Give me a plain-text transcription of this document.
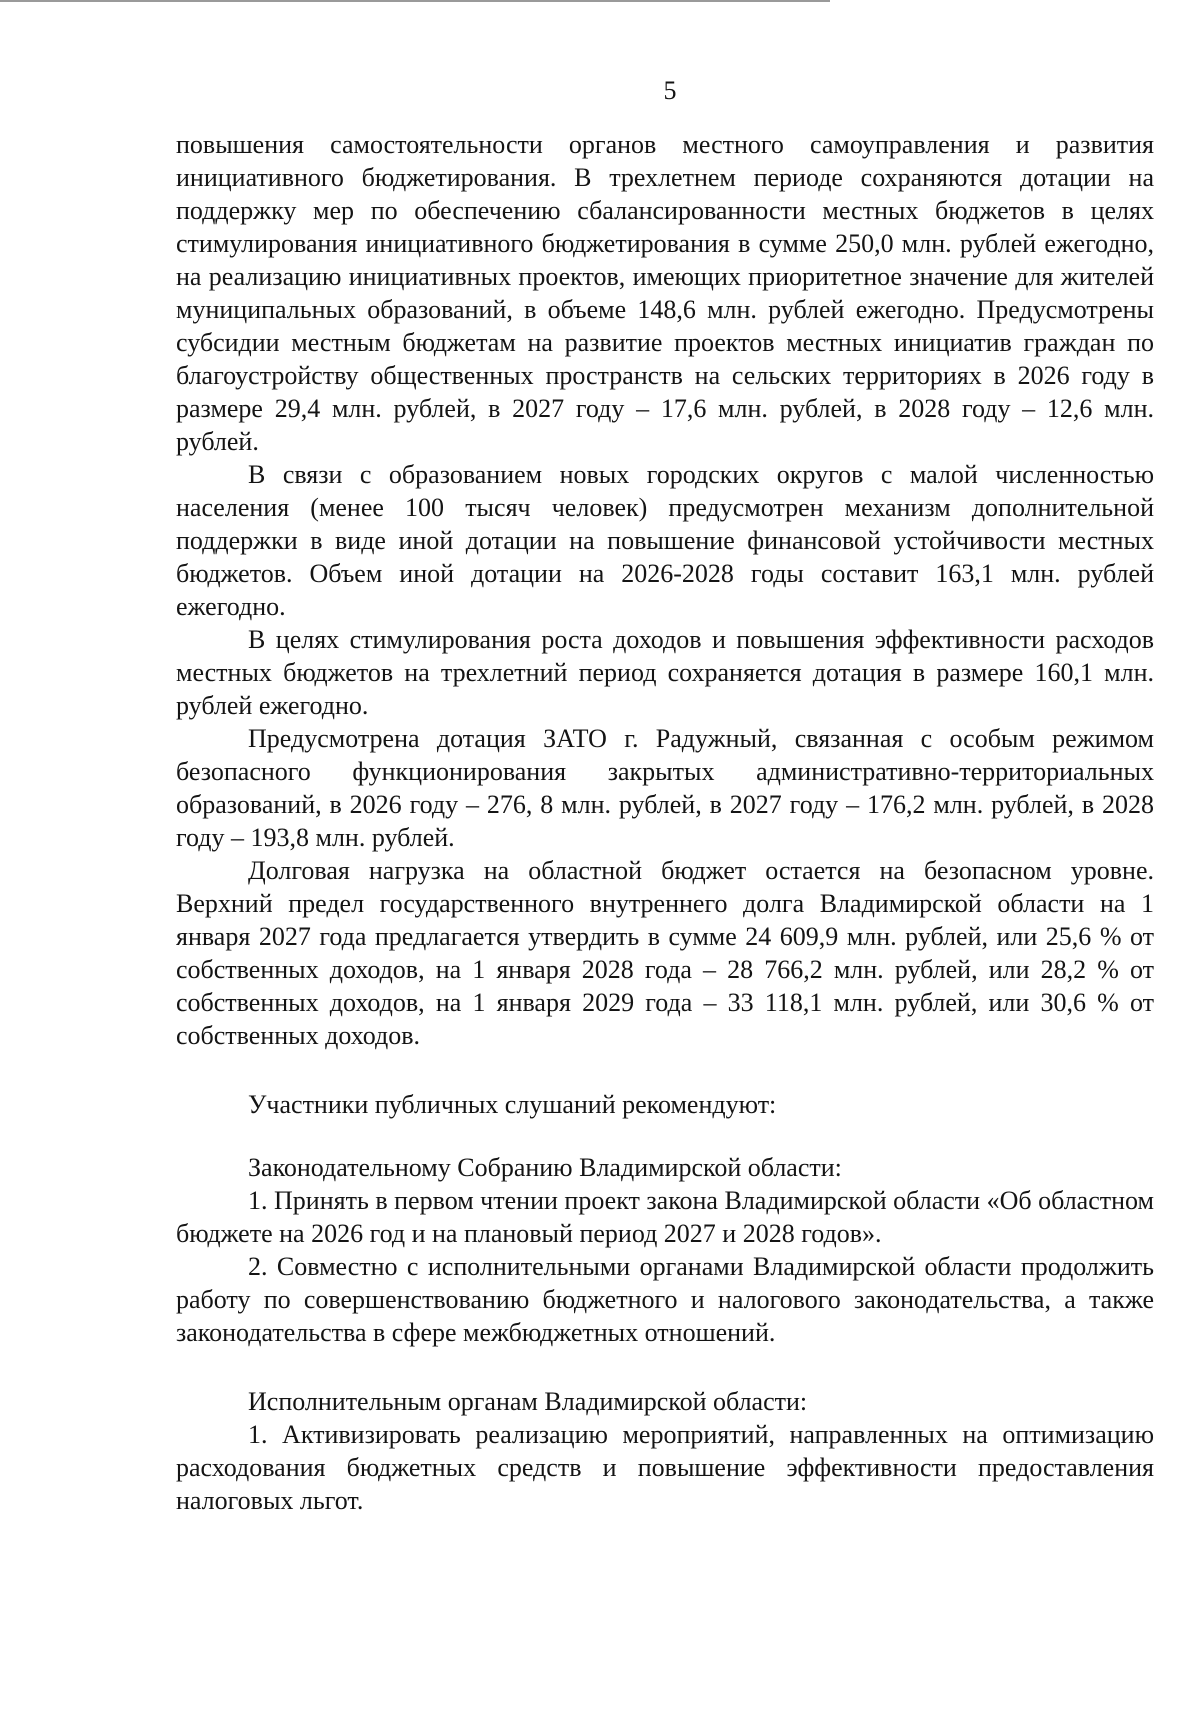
5

повышения самостоятельности органов местного самоуправления и развития инициативного бюджетирования. В трехлетнем периоде сохраняются дотации на поддержку мер по обеспечению сбалансированности местных бюджетов в целях стимулирования инициативного бюджетирования в сумме 250,0 млн. рублей ежегодно, на реализацию инициативных проектов, имеющих приоритетное значение для жителей муниципальных образований, в объеме 148,6 млн. рублей ежегодно. Предусмотрены субсидии местным бюджетам на развитие проектов местных инициатив граждан по благоустройству общественных пространств на сельских территориях в 2026 году в размере 29,4 млн. рублей, в 2027 году – 17,6 млн. рублей, в 2028 году – 12,6 млн. рублей.

В связи с образованием новых городских округов с малой численностью населения (менее 100 тысяч человек) предусмотрен механизм дополнительной поддержки в виде иной дотации на повышение финансовой устойчивости местных бюджетов. Объем иной дотации на 2026-2028 годы составит 163,1 млн. рублей ежегодно.

В целях стимулирования роста доходов и повышения эффективности расходов местных бюджетов на трехлетний период сохраняется дотация в размере 160,1 млн. рублей ежегодно.

Предусмотрена дотация ЗАТО г. Радужный, связанная с особым режимом безопасного функционирования закрытых административно-территориальных образований, в 2026 году – 276, 8 млн. рублей, в 2027 году – 176,2 млн. рублей, в 2028 году – 193,8 млн. рублей.

Долговая нагрузка на областной бюджет остается на безопасном уровне. Верхний предел государственного внутреннего долга Владимирской области на 1 января 2027 года предлагается утвердить в сумме 24 609,9 млн. рублей, или 25,6 % от собственных доходов, на 1 января 2028 года – 28 766,2 млн. рублей, или 28,2 % от собственных доходов, на 1 января 2029 года – 33 118,1 млн. рублей, или 30,6 % от собственных доходов.

Участники публичных слушаний рекомендуют:

Законодательному Собранию Владимирской области:

1. Принять в первом чтении проект закона Владимирской области «Об областном бюджете на 2026 год и на плановый период 2027 и 2028 годов».

2. Совместно с исполнительными органами Владимирской области продолжить работу по совершенствованию бюджетного и налогового законодательства, а также законодательства в сфере межбюджетных отношений.

Исполнительным органам Владимирской области:

1. Активизировать реализацию мероприятий, направленных на оптимизацию расходования бюджетных средств и повышение эффективности предоставления налоговых льгот.
